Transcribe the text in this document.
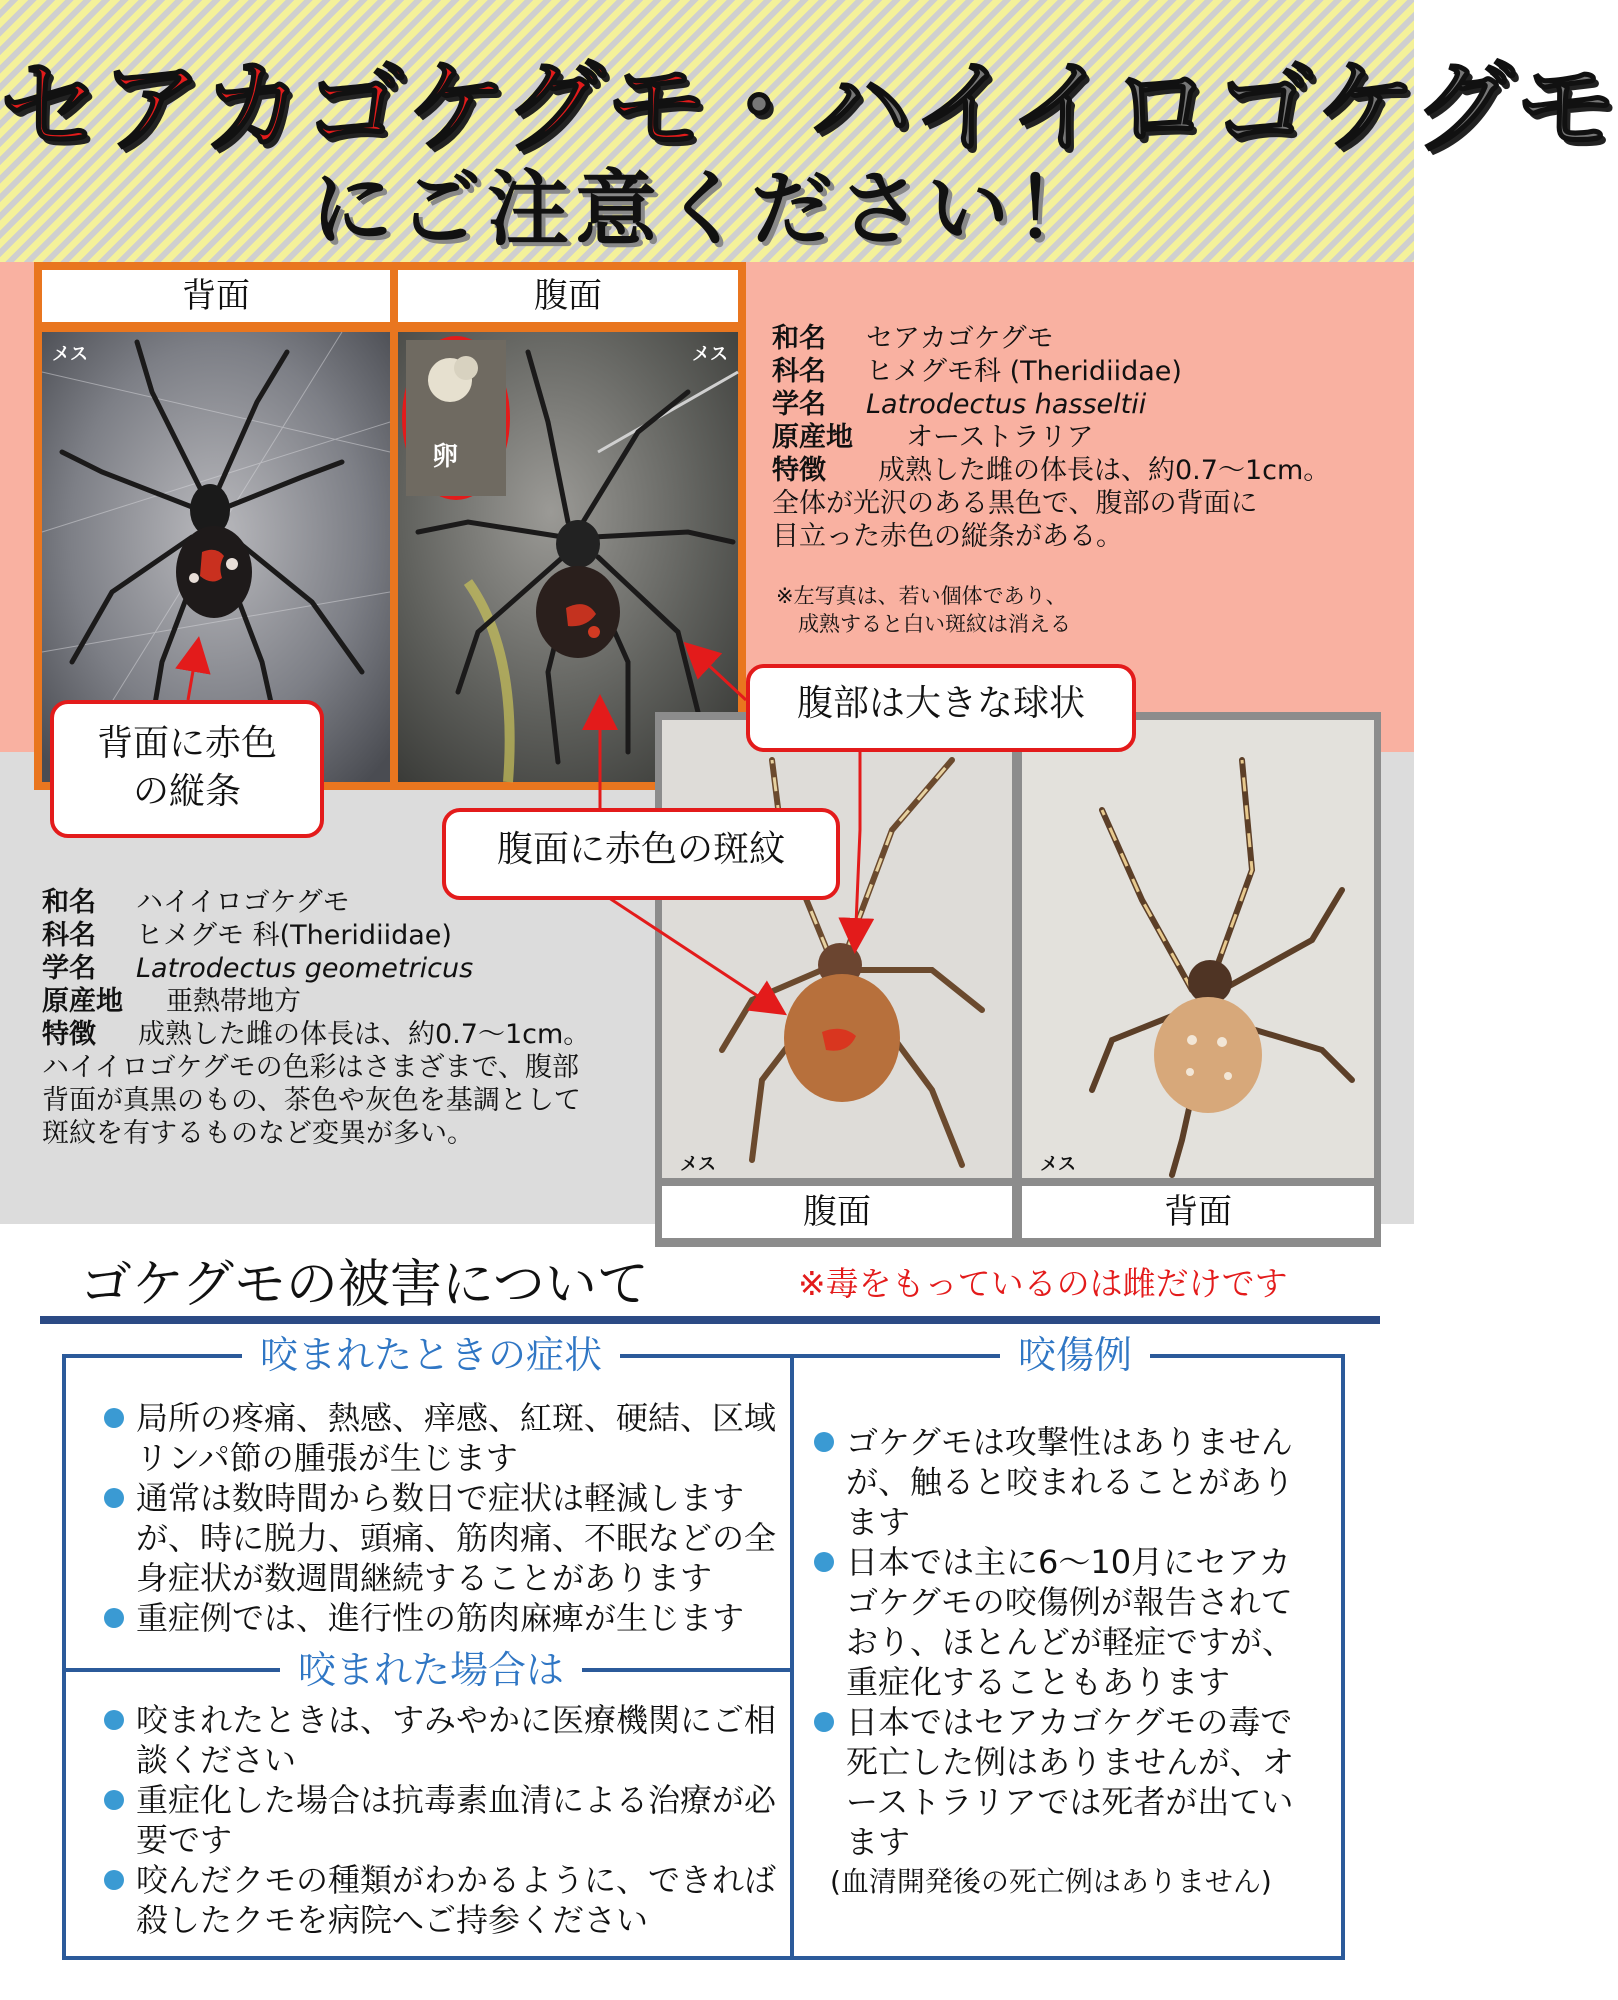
セアカゴケグモ・ハイイロゴケグモ
にご注意ください！
背面	腹面
メス
卵
メス
和名 セアカゴケグモ
科名 ヒメグモ科 (Theridiidae)
学名 Latrodectus hasseltii
原産地 オーストラリア
特徴 成熟した雌の体長は、約0.7～1cm。
全体が光沢のある黒色で、腹部の背面に
目立った赤色の縦条がある。
※左写真は、若い個体であり、
成熟すると白い斑紋は消える
メス	メス
腹面	背面
和名 ハイイロゴケグモ
科名 ヒメグモ 科(Theridiidae)
学名 Latrodectus geometricus
原産地 亜熱帯地方
特徴 成熟した雌の体長は、約0.7～1cm。
ハイイロゴケグモの色彩はさまざまで、腹部
背面が真黒のもの、茶色や灰色を基調として
斑紋を有するものなど変異が多い。
背面に赤色
の縦条
腹部は大きな球状
腹面に赤色の斑紋
ゴケグモの被害について	※毒をもっているのは雌だけです
咬まれたときの症状	咬傷例
咬まれた場合は
局所の疼痛、熱感、痒感、紅斑、硬結、区域リンパ節の腫張が生じます
通常は数時間から数日で症状は軽減しますが、時に脱力、頭痛、筋肉痛、不眠などの全身症状が数週間継続することがあります
重症例では、進行性の筋肉麻痺が生じます
咬まれたときは、すみやかに医療機関にご相談ください
重症化した場合は抗毒素血清による治療が必要です
咬んだクモの種類がわかるように、できれば殺したクモを病院へご持参ください
ゴケグモは攻撃性はありませんが、触ると咬まれることがあります
日本では主に6～10月にセアカゴケグモの咬傷例が報告されており、ほとんどが軽症ですが、重症化することもあります
日本ではセアカゴケグモの毒で死亡した例はありませんが、オーストラリアでは死者が出ています
(血清開発後の死亡例はありません)
